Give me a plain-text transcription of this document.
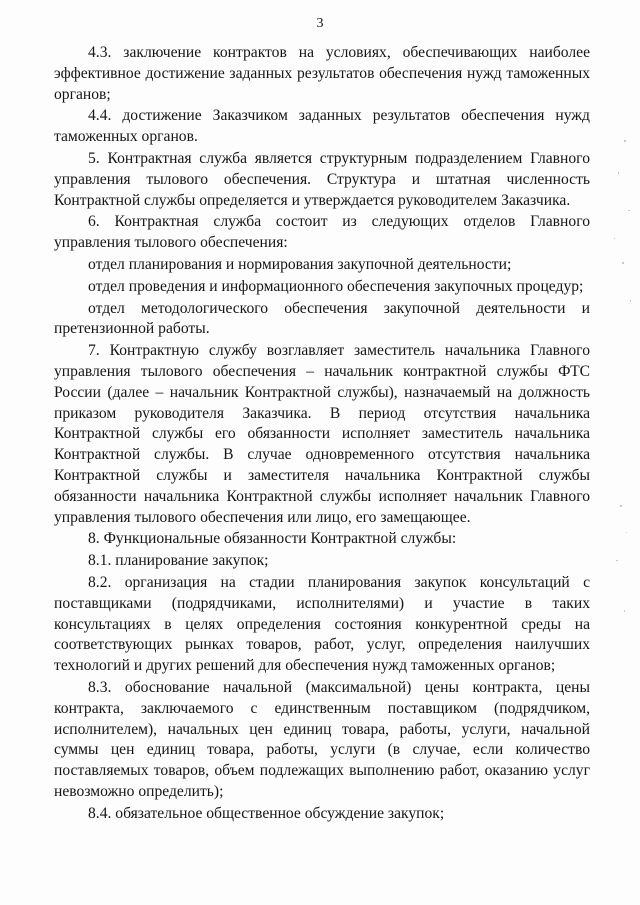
3

4.3. заключение контрактов на условиях, обеспечивающих наиболее эффективное достижение заданных результатов обеспечения нужд таможенных органов;

4.4. достижение Заказчиком заданных результатов обеспечения нужд таможенных органов.

5. Контрактная служба является структурным подразделением Главного управления тылового обеспечения. Структура и штатная численность Контрактной службы определяется и утверждается руководителем Заказчика.

6. Контрактная служба состоит из следующих отделов Главного управления тылового обеспечения:

отдел планирования и нормирования закупочной деятельности;

отдел проведения и информационного обеспечения закупочных процедур;

отдел методологического обеспечения закупочной деятельности и претензионной работы.

7. Контрактную службу возглавляет заместитель начальника Главного управления тылового обеспечения – начальник контрактной службы ФТС России (далее – начальник Контрактной службы), назначаемый на должность приказом руководителя Заказчика. В период отсутствия начальника Контрактной службы его обязанности исполняет заместитель начальника Контрактной службы. В случае одновременного отсутствия начальника Контрактной службы и заместителя начальника Контрактной службы обязанности начальника Контрактной службы исполняет начальник Главного управления тылового обеспечения или лицо, его замещающее.

8. Функциональные обязанности Контрактной службы:

8.1. планирование закупок;

8.2. организация на стадии планирования закупок консультаций с поставщиками (подрядчиками, исполнителями) и участие в таких консультациях в целях определения состояния конкурентной среды на соответствующих рынках товаров, работ, услуг, определения наилучших технологий и других решений для обеспечения нужд таможенных органов;

8.3. обоснование начальной (максимальной) цены контракта, цены контракта, заключаемого с единственным поставщиком (подрядчиком, исполнителем), начальных цен единиц товара, работы, услуги, начальной суммы цен единиц товара, работы, услуги (в случае, если количество поставляемых товаров, объем подлежащих выполнению работ, оказанию услуг невозможно определить);

8.4. обязательное общественное обсуждение закупок;
